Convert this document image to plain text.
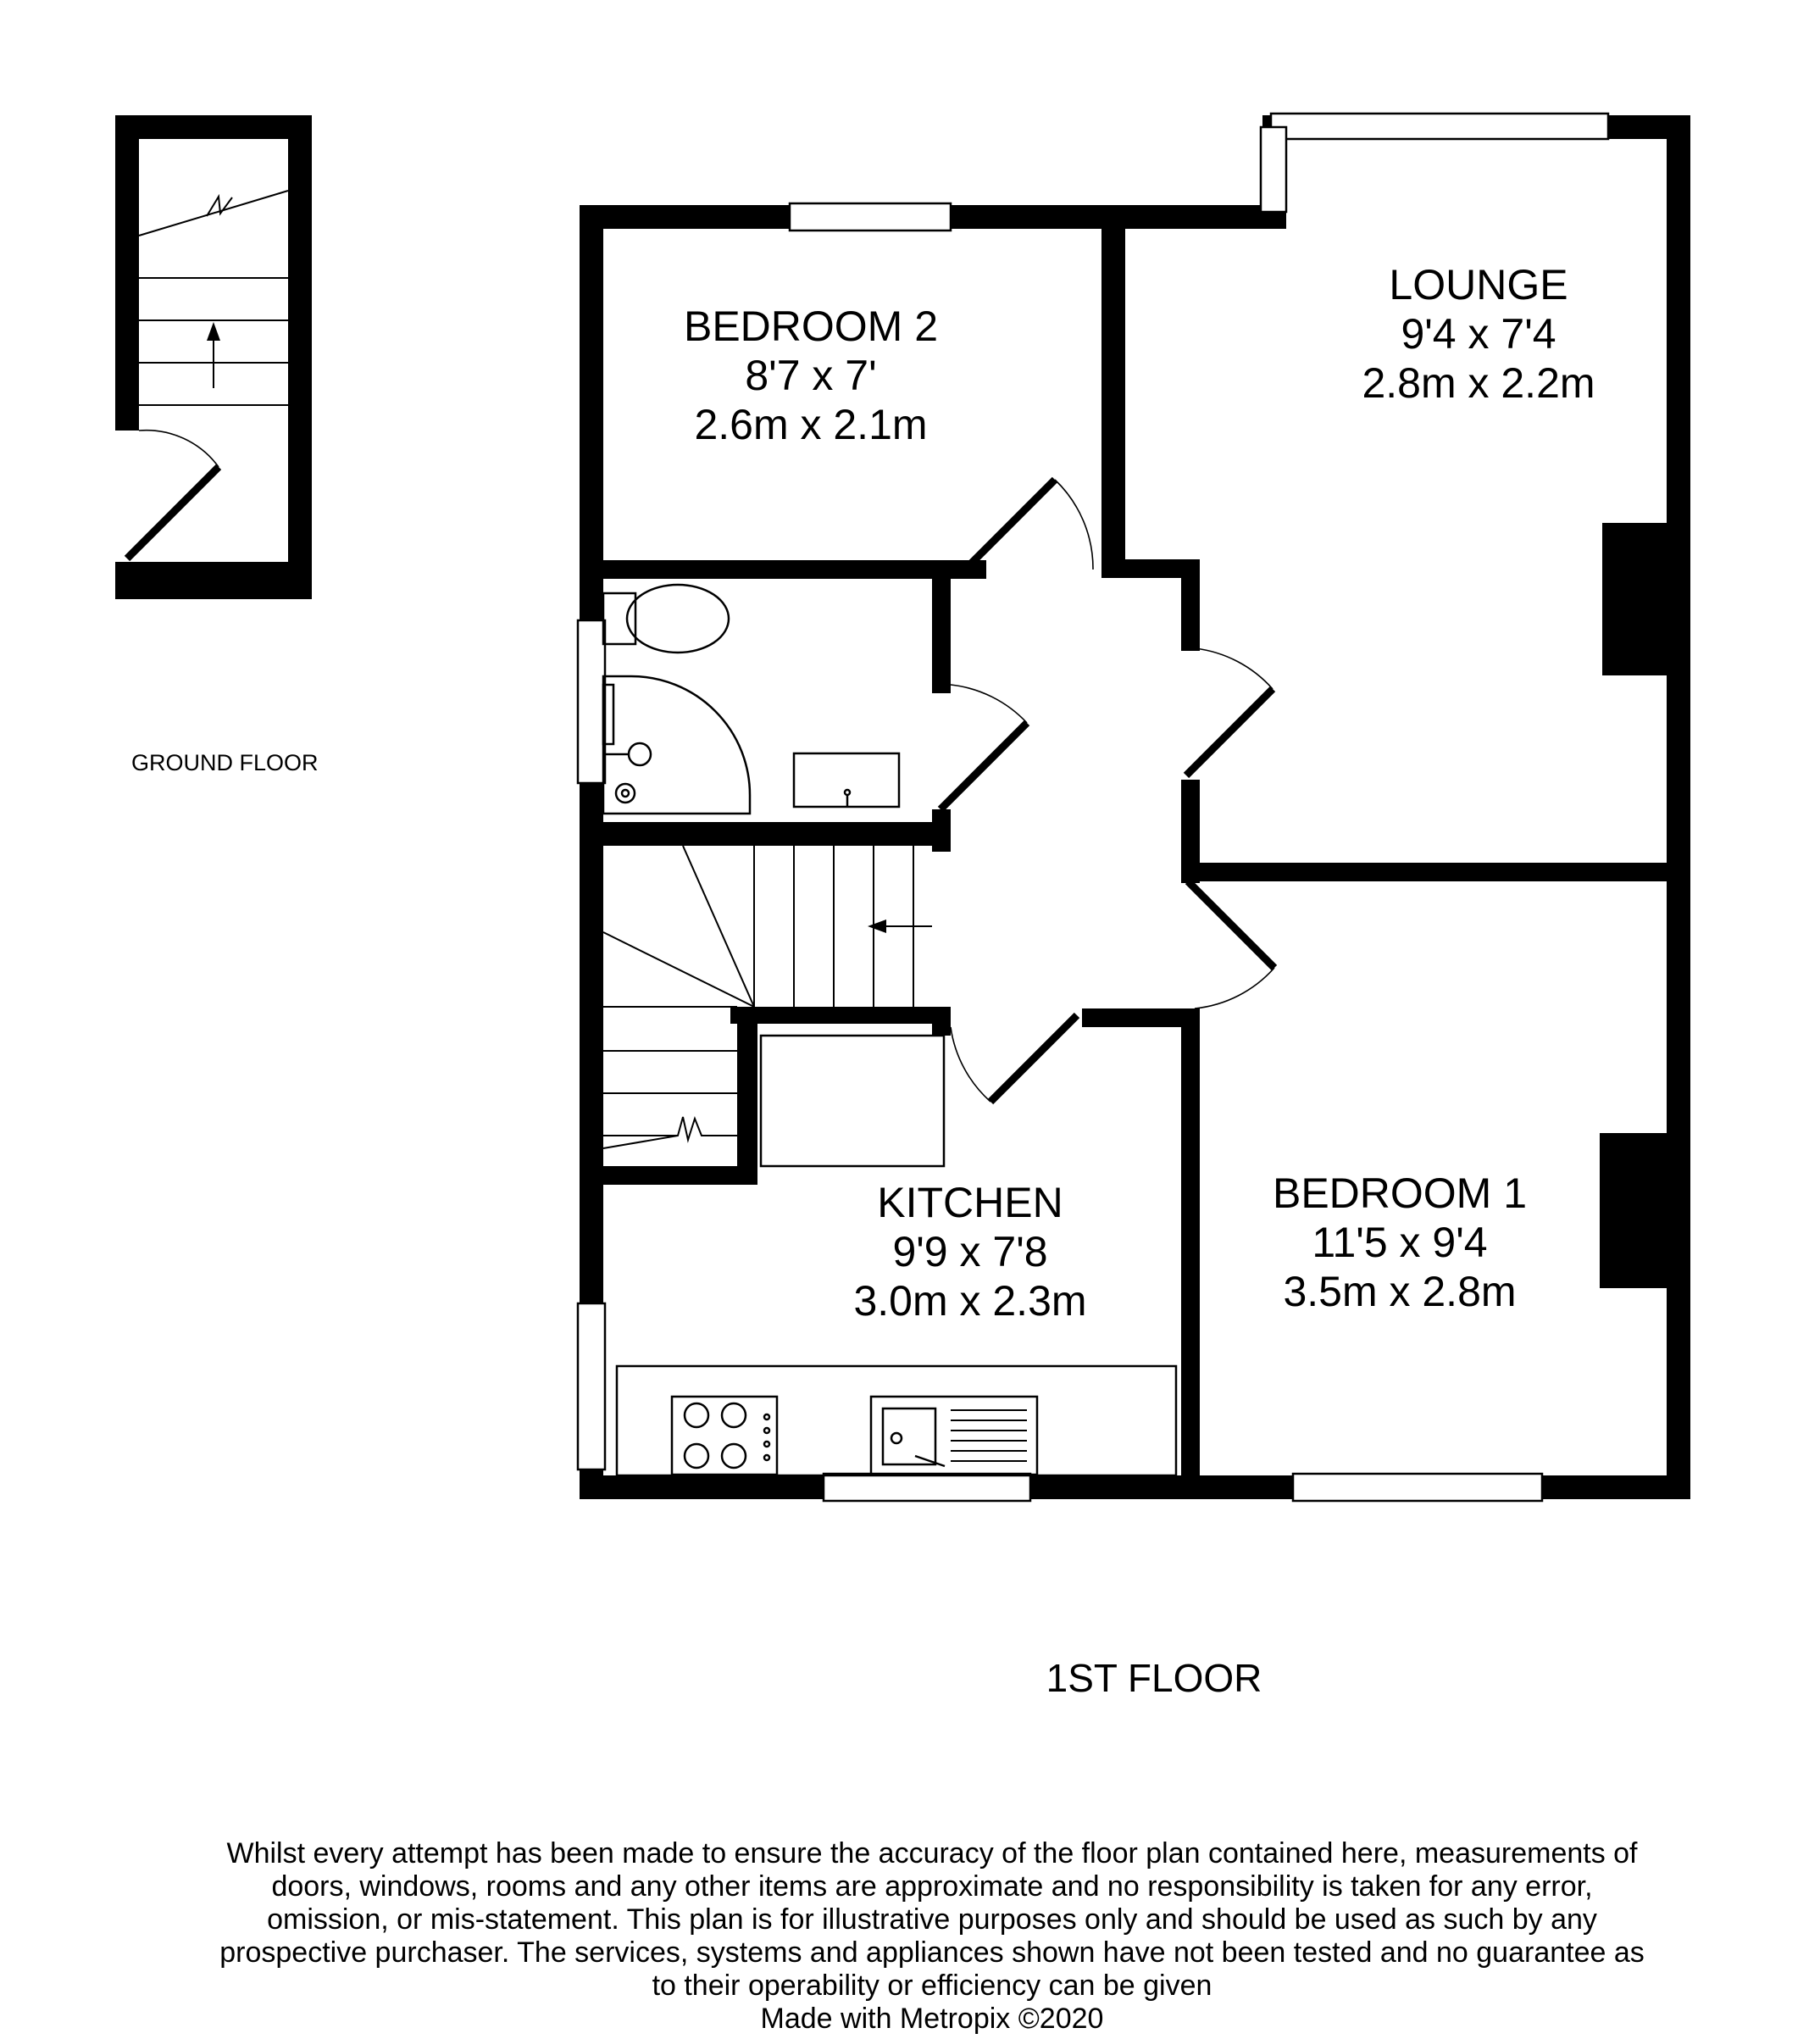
GROUND FLOOR
BEDROOM 2
8'7 x 7'
2.6m x 2.1m
LOUNGE
9'4 x 7'4
2.8m x 2.2m
KITCHEN
9'9 x 7'8
3.0m x 2.3m
BEDROOM 1
11'5 x 9'4
3.5m x 2.8m
1ST FLOOR

Whilst every attempt has been made to ensure the accuracy of the floor plan contained here, measurements of doors, windows, rooms and any other items are approximate and no responsibility is taken for any error, omission, or mis-statement. This plan is for illustrative purposes only and should be used as such by any prospective purchaser. The services, systems and appliances shown have not been tested and no guarantee as to their operability or efficiency can be given

Made with Metropix ©2020
